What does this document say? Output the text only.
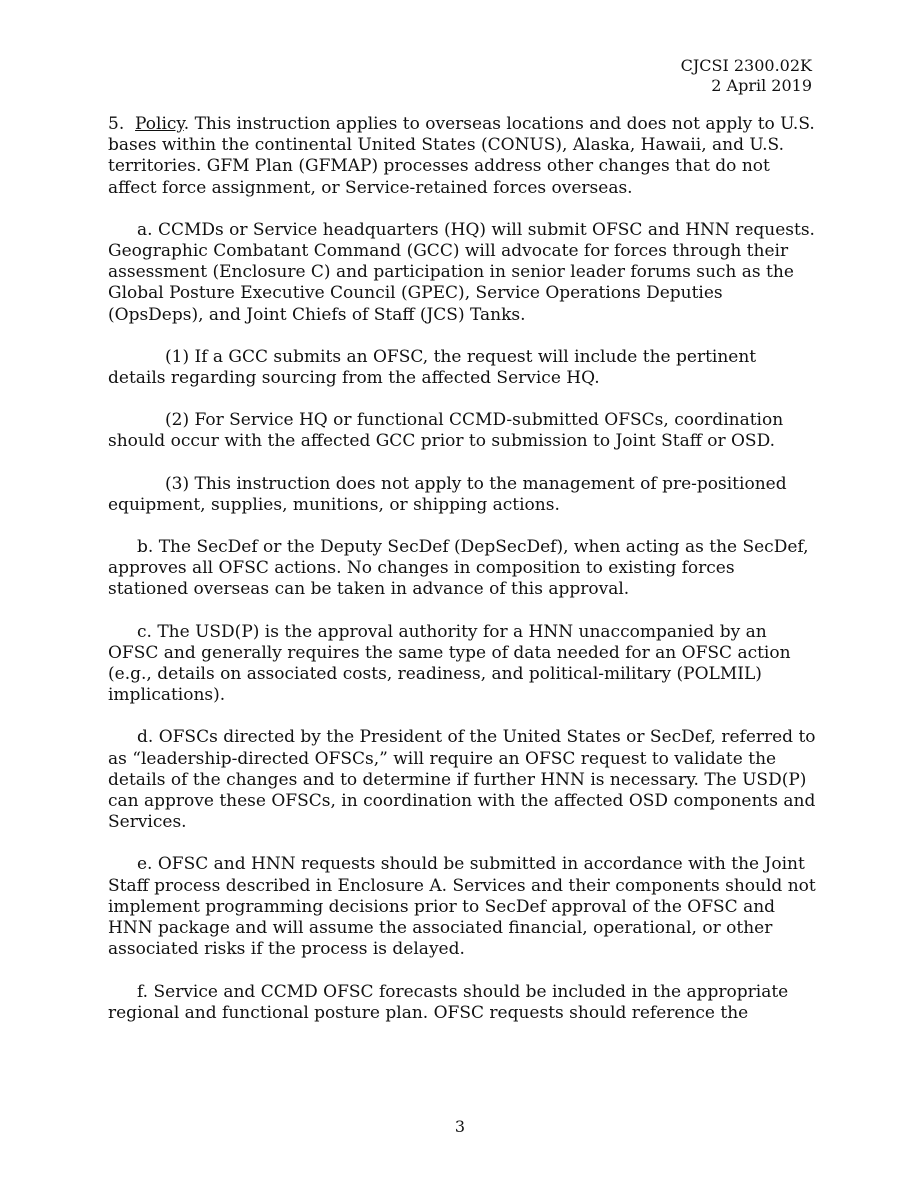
CJCSI 2300.02K
2 April 2019

5. Policy. This instruction applies to overseas locations and does not apply to U.S. bases within the continental United States (CONUS), Alaska, Hawaii, and U.S. territories. GFM Plan (GFMAP) processes address other changes that do not affect force assignment, or Service-retained forces overseas.

a. CCMDs or Service headquarters (HQ) will submit OFSC and HNN requests. Geographic Combatant Command (GCC) will advocate for forces through their assessment (Enclosure C) and participation in senior leader forums such as the Global Posture Executive Council (GPEC), Service Operations Deputies (OpsDeps), and Joint Chiefs of Staff (JCS) Tanks.

(1) If a GCC submits an OFSC, the request will include the pertinent details regarding sourcing from the affected Service HQ.

(2) For Service HQ or functional CCMD-submitted OFSCs, coordination should occur with the affected GCC prior to submission to Joint Staff or OSD.

(3) This instruction does not apply to the management of pre-positioned equipment, supplies, munitions, or shipping actions.

b. The SecDef or the Deputy SecDef (DepSecDef), when acting as the SecDef, approves all OFSC actions. No changes in composition to existing forces stationed overseas can be taken in advance of this approval.

c. The USD(P) is the approval authority for a HNN unaccompanied by an OFSC and generally requires the same type of data needed for an OFSC action (e.g., details on associated costs, readiness, and political-military (POLMIL) implications).

d. OFSCs directed by the President of the United States or SecDef, referred to as “leadership-directed OFSCs,” will require an OFSC request to validate the details of the changes and to determine if further HNN is necessary. The USD(P) can approve these OFSCs, in coordination with the affected OSD components and Services.

e. OFSC and HNN requests should be submitted in accordance with the Joint Staff process described in Enclosure A. Services and their components should not implement programming decisions prior to SecDef approval of the OFSC and HNN package and will assume the associated financial, operational, or other associated risks if the process is delayed.

f. Service and CCMD OFSC forecasts should be included in the appropriate regional and functional posture plan. OFSC requests should reference the

3
